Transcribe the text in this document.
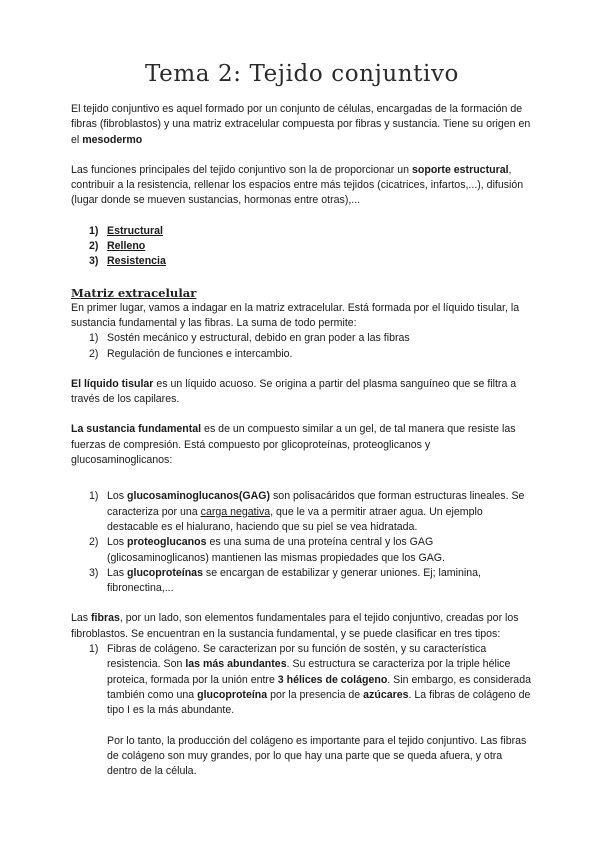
Tema 2: Tejido conjuntivo

El tejido conjuntivo es aquel formado por un conjunto de células, encargadas de la formación de fibras (fibroblastos) y una matriz extracelular compuesta por fibras y sustancia. Tiene su origen en el mesodermo

Las funciones principales del tejido conjuntivo son la de proporcionar un soporte estructural, contribuir a la resistencia, rellenar los espacios entre más tejidos (cicatrices, infartos,...), difusión (lugar donde se mueven sustancias, hormonas entre otras),...

1) Estructural
2) Relleno
3) Resistencia
Matriz extracelular

En primer lugar, vamos a indagar en la matriz extracelular. Está formada por el líquido tisular, la sustancia fundamental y las fibras. La suma de todo permite:

1) Sostén mecánico y estructural, debido en gran poder a las fibras
2) Regulación de funciones e intercambio.

El líquido tisular es un líquido acuoso. Se origina a partir del plasma sanguíneo que se filtra a través de los capilares.

La sustancia fundamental es de un compuesto similar a un gel, de tal manera que resiste las fuerzas de compresión. Está compuesto por glicoproteínas, proteoglicanos y glucosaminoglicanos:

1) Los glucosaminoglucanos(GAG) son polisacáridos que forman estructuras lineales. Se caracteriza por una carga negativa, que le va a permitir atraer agua. Un ejemplo destacable es el hialurano, haciendo que su piel se vea hidratada.
2) Los proteoglucanos es una suma de una proteína central y los GAG (glicosaminoglicanos) mantienen las mismas propiedades que los GAG.
3) Las glucoproteínas se encargan de estabilizar y generar uniones. Ej; laminina, fibronectina,...

Las fibras, por un lado, son elementos fundamentales para el tejido conjuntivo, creadas por los fibroblastos. Se encuentran en la sustancia fundamental, y se puede clasificar en tres tipos:

1) Fibras de colágeno. Se caracterizan por su función de sostén, y su característica resistencia. Son las más abundantes. Su estructura se caracteriza por la triple hélice proteica, formada por la unión entre 3 hélices de colágeno. Sin embargo, es considerada también como una glucoproteína por la presencia de azúcares. La fibras de colágeno de tipo I es la más abundante.

Por lo tanto, la producción del colágeno es importante para el tejido conjuntivo. Las fibras de colágeno son muy grandes, por lo que hay una parte que se queda afuera, y otra dentro de la célula.
